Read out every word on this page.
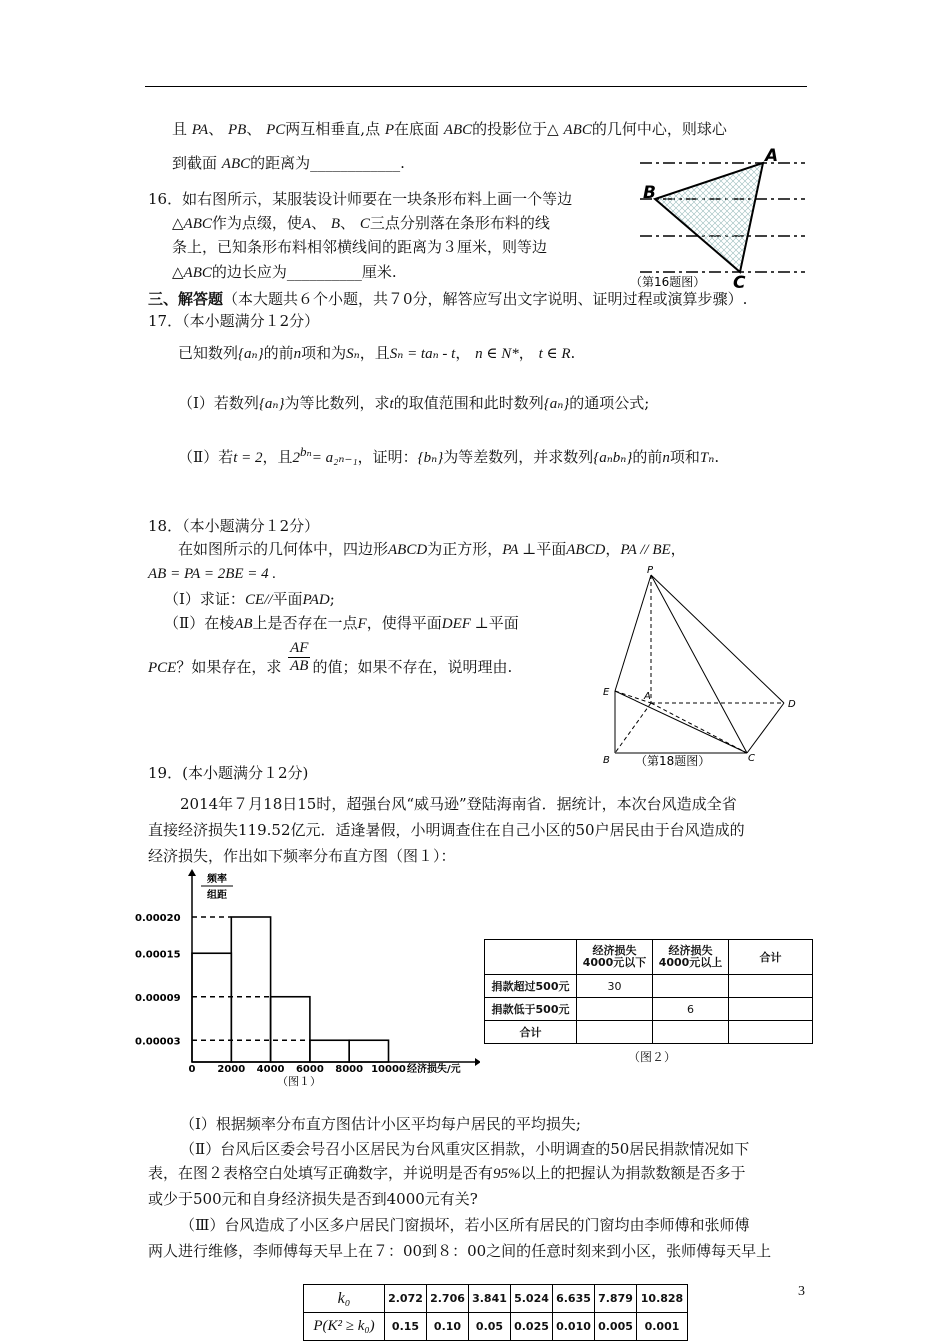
且 PA、 PB、 PC两互相垂直,点 P在底面 ABC的投影位于△ ABC的几何中心，则球心
到截面 ABC的距离为____________.
16．如右图所示，某服装设计师要在一块条形布料上画一个等边
△ABC作为点缀，使A、 B、 C三点分别落在条形布料的线
条上，已知条形布料相邻横线间的距离为３厘米，则等边
△ABC的边长应为__________厘米.
A
B
C
（第16题图）
三、解答题（本大题共６个小题，共７0分，解答应写出文字说明、证明过程或演算步骤）.
17．（本小题满分１2分）
已知数列{aₙ}的前n项和为Sₙ，且Sₙ = taₙ - t， n ∈ N*， t ∈ R.
（Ⅰ）若数列{aₙ}为等比数列，求t的取值范围和此时数列{aₙ}的通项公式;
（Ⅱ）若t = 2，且$2^{b_n}= a_{2n-1}$，证明：{bₙ}为等差数列，并求数列{aₙbₙ}的前n项和Tₙ.
18．（本小题满分１2分）
在如图所示的几何体中，四边形ABCD为正方形，PA ⊥平面ABCD，PA // BE，
AB = PA = 2BE = 4 .
（Ⅰ）求证：CE//平面PAD;
（Ⅱ）在棱AB上是否存在一点F，使得平面DEF ⊥平面
PCE？如果存在，求 $\frac{AF}{AB}$ 的值；如果不存在，说明理由.
P
E	A
D
B	C
（第18题图）
19．(本小题满分１2分)
2014年７月18日15时，超强台风“威马逊”登陆海南省．据统计，本次台风造成全省
直接经济损失119.52亿元．适逢暑假，小明调查住在自己小区的50户居民由于台风造成的
经济损失，作出如下频率分布直方图（图１）：
频率
组距
经济损失/元
（图１）
0.00020
0.00015
0.00009
0.00003
0 2000 4000 6000 8000 10000
	经济损失
4000元以下	经济损失
4000元以上	合计
捐款超过500元	30		
捐款低于500元		6	
合计			
（图２）
（Ⅰ）根据频率分布直方图估计小区平均每户居民的平均损失;
（Ⅱ）台风后区委会号召小区居民为台风重灾区捐款，小明调查的50居民捐款情况如下
表，在图２表格空白处填写正确数字，并说明是否有95%以上的把握认为捐款数额是否多于
或少于500元和自身经济损失是否到4000元有关?
（Ⅲ）台风造成了小区多户居民门窗损坏，若小区所有居民的门窗均由李师傅和张师傅
两人进行维修，李师傅每天早上在７：00到８：00之间的任意时刻来到小区，张师傅每天早上
k₀	2.072	2.706	3.841	5.024	6.635	7.879	10.828
P(K² ≥ k₀)	0.15	0.10	0.05	0.025	0.010	0.005	0.001
3
